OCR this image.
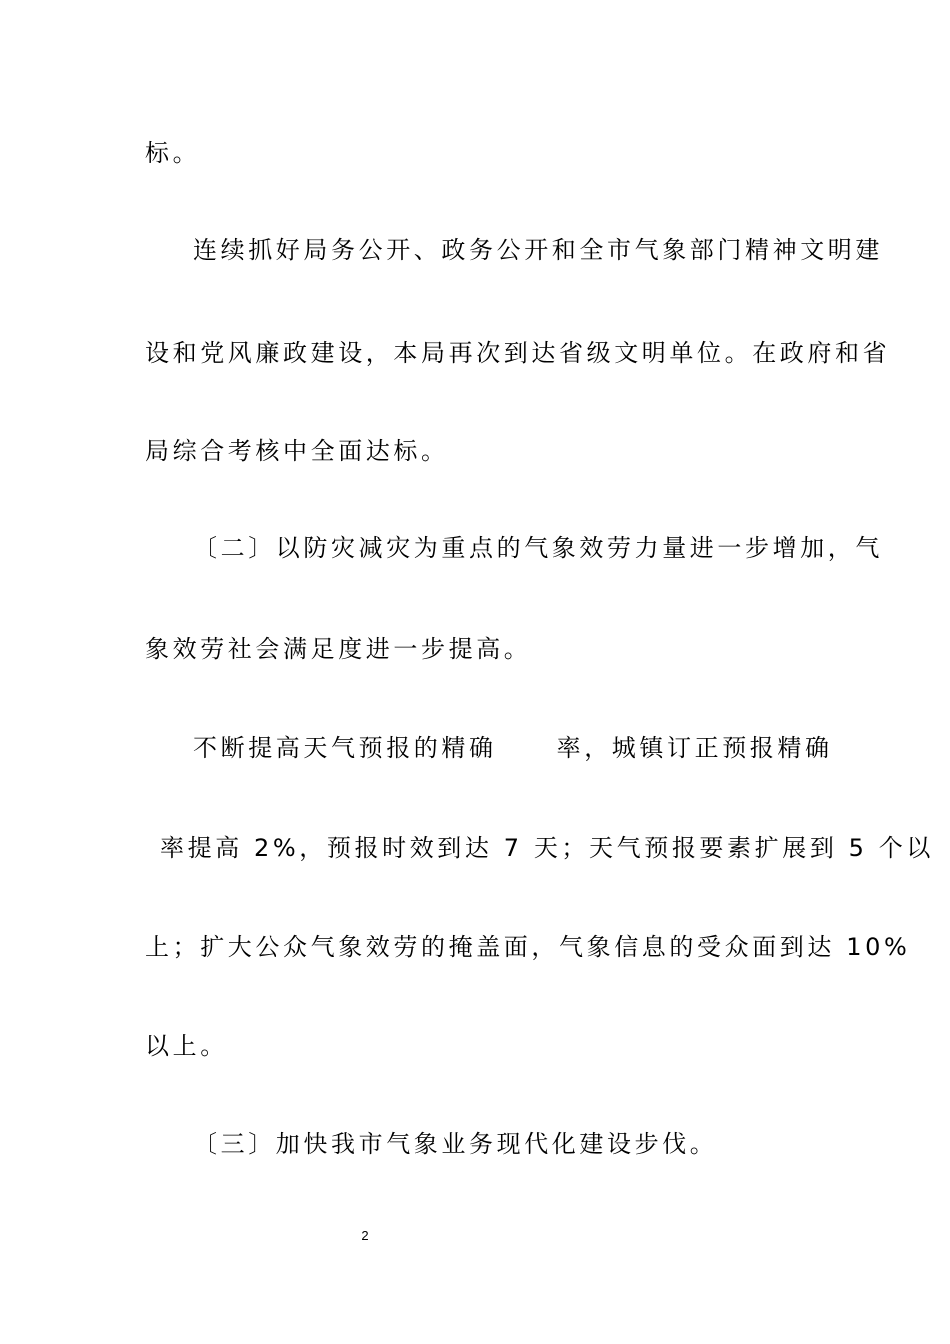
标。
连续抓好局务公开、政务公开和全市气象部门精神文明建
设和党风廉政建设，本局再次到达省级文明单位。在政府和省
局综合考核中全面达标。
〔二〕以防灾减灾为重点的气象效劳力量进一步增加，气
象效劳社会满足度进一步提高。
不断提高天气预报的精确	率，城镇订正预报精确
率提高 2%，预报时效到达 7 天；天气预报要素扩展到 5 个以
上；扩大公众气象效劳的掩盖面，气象信息的受众面到达 10%
以上。
〔三〕加快我市气象业务现代化建设步伐。
2
